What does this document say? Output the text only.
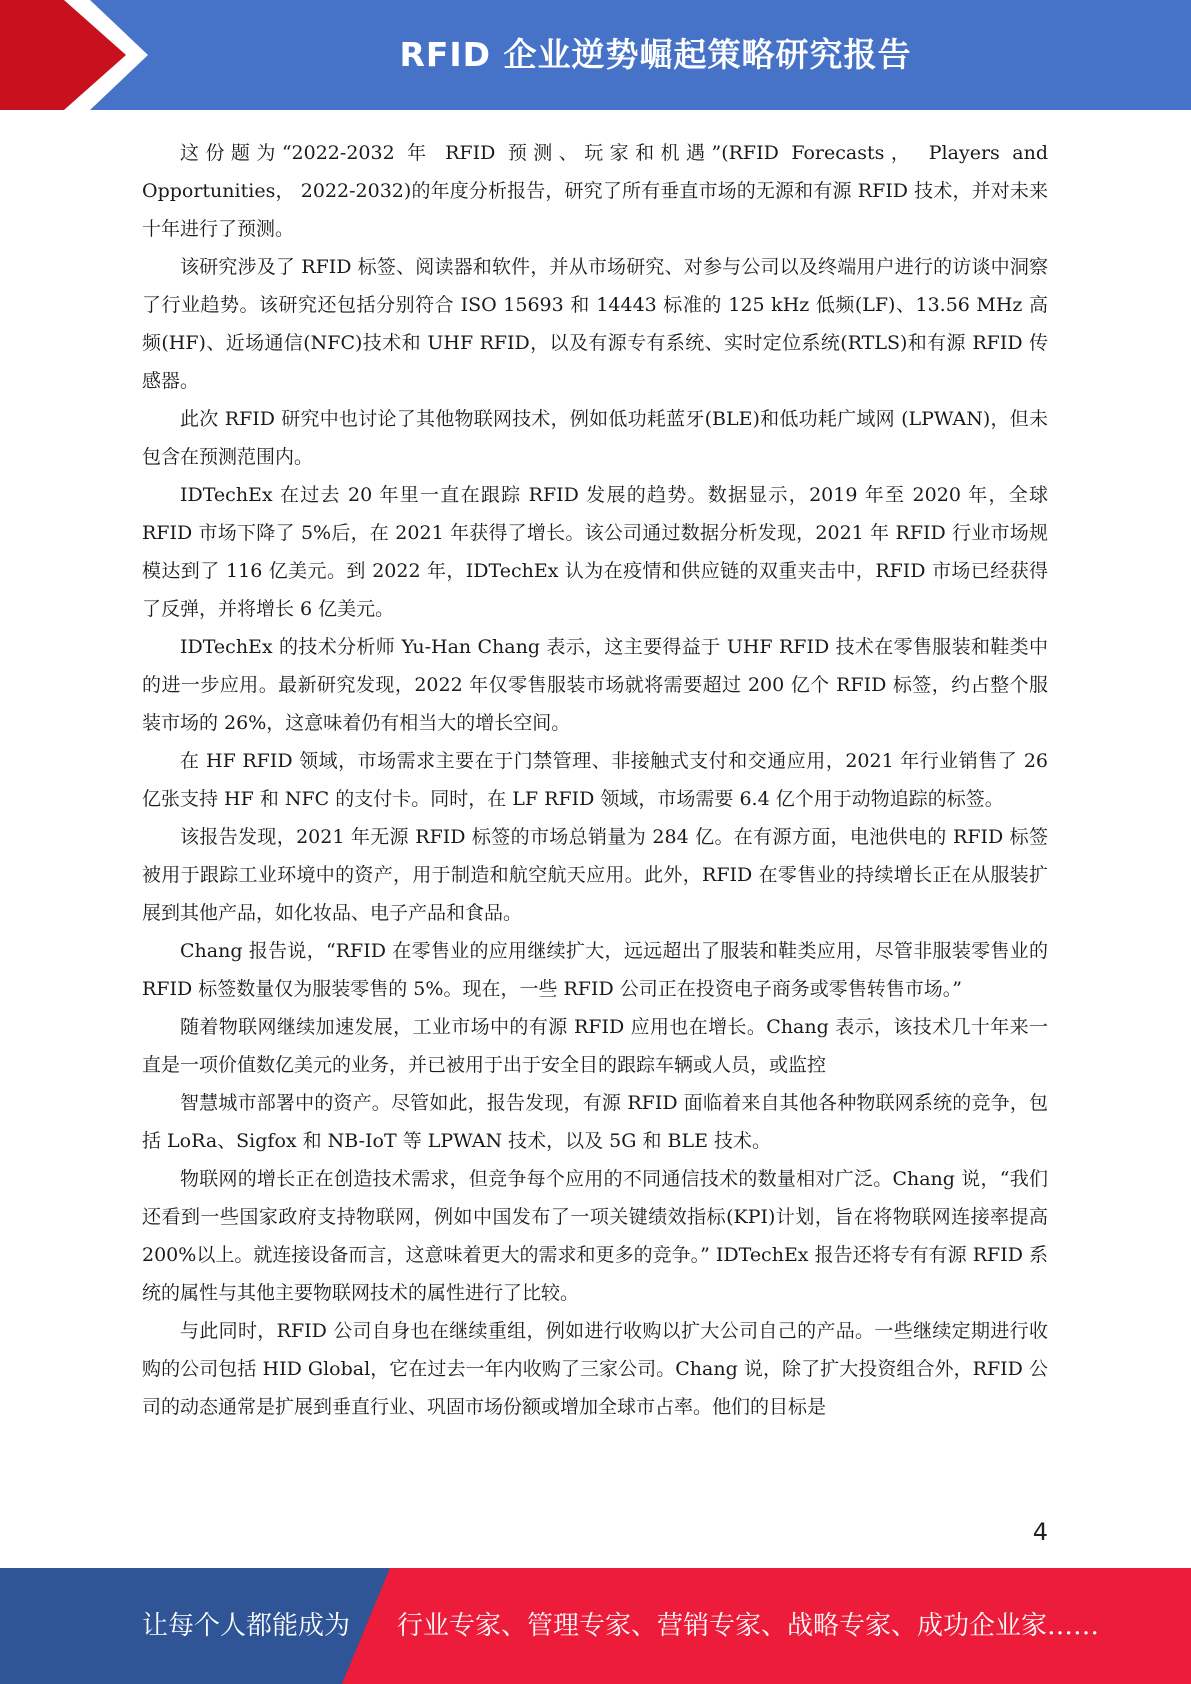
RFID 企业逆势崛起策略研究报告

这份题为“2022-2032 年 RFID 预测、玩家和机遇”(RFID Forecasts， Players and Opportunities， 2022-2032)的年度分析报告，研究了所有垂直市场的无源和有源 RFID 技术，并对未来十年进行了预测。

该研究涉及了 RFID 标签、阅读器和软件，并从市场研究、对参与公司以及终端用户进行的访谈中洞察了行业趋势。该研究还包括分别符合 ISO 15693 和 14443 标准的 125 kHz 低频(LF)、13.56 MHz 高频(HF)、近场通信(NFC)技术和 UHF RFID，以及有源专有系统、实时定位系统(RTLS)和有源 RFID 传感器。

此次 RFID 研究中也讨论了其他物联网技术，例如低功耗蓝牙(BLE)和低功耗广域网 (LPWAN)，但未包含在预测范围内。

IDTechEx 在过去 20 年里一直在跟踪 RFID 发展的趋势。数据显示，2019 年至 2020 年，全球 RFID 市场下降了 5%后，在 2021 年获得了增长。该公司通过数据分析发现，2021 年 RFID 行业市场规模达到了 116 亿美元。到 2022 年，IDTechEx 认为在疫情和供应链的双重夹击中，RFID 市场已经获得了反弹，并将增长 6 亿美元。

IDTechEx 的技术分析师 Yu-Han Chang 表示，这主要得益于 UHF RFID 技术在零售服装和鞋类中的进一步应用。最新研究发现，2022 年仅零售服装市场就将需要超过 200 亿个 RFID 标签，约占整个服装市场的 26%，这意味着仍有相当大的增长空间。

在 HF RFID 领域，市场需求主要在于门禁管理、非接触式支付和交通应用，2021 年行业销售了 26 亿张支持 HF 和 NFC 的支付卡。同时，在 LF RFID 领域，市场需要 6.4 亿个用于动物追踪的标签。

该报告发现，2021 年无源 RFID 标签的市场总销量为 284 亿。在有源方面，电池供电的 RFID 标签被用于跟踪工业环境中的资产，用于制造和航空航天应用。此外，RFID 在零售业的持续增长正在从服装扩展到其他产品，如化妆品、电子产品和食品。

Chang 报告说，“RFID 在零售业的应用继续扩大，远远超出了服装和鞋类应用，尽管非服装零售业的 RFID 标签数量仅为服装零售的 5%。现在，一些 RFID 公司正在投资电子商务或零售转售市场。”

随着物联网继续加速发展，工业市场中的有源 RFID 应用也在增长。Chang 表示，该技术几十年来一直是一项价值数亿美元的业务，并已被用于出于安全目的跟踪车辆或人员，或监控

智慧城市部署中的资产。尽管如此，报告发现，有源 RFID 面临着来自其他各种物联网系统的竞争，包括 LoRa、Sigfox 和 NB-IoT 等 LPWAN 技术，以及 5G 和 BLE 技术。

物联网的增长正在创造技术需求，但竞争每个应用的不同通信技术的数量相对广泛。Chang 说，“我们还看到一些国家政府支持物联网，例如中国发布了一项关键绩效指标(KPI)计划，旨在将物联网连接率提高 200%以上。就连接设备而言，这意味着更大的需求和更多的竞争。” IDTechEx 报告还将专有有源 RFID 系统的属性与其他主要物联网技术的属性进行了比较。

与此同时，RFID 公司自身也在继续重组，例如进行收购以扩大公司自己的产品。一些继续定期进行收购的公司包括 HID Global，它在过去一年内收购了三家公司。Chang 说，除了扩大投资组合外，RFID 公司的动态通常是扩展到垂直行业、巩固市场份额或增加全球市占率。他们的目标是

4
让每个人都能成为 行业专家、管理专家、营销专家、战略专家、成功企业家……
